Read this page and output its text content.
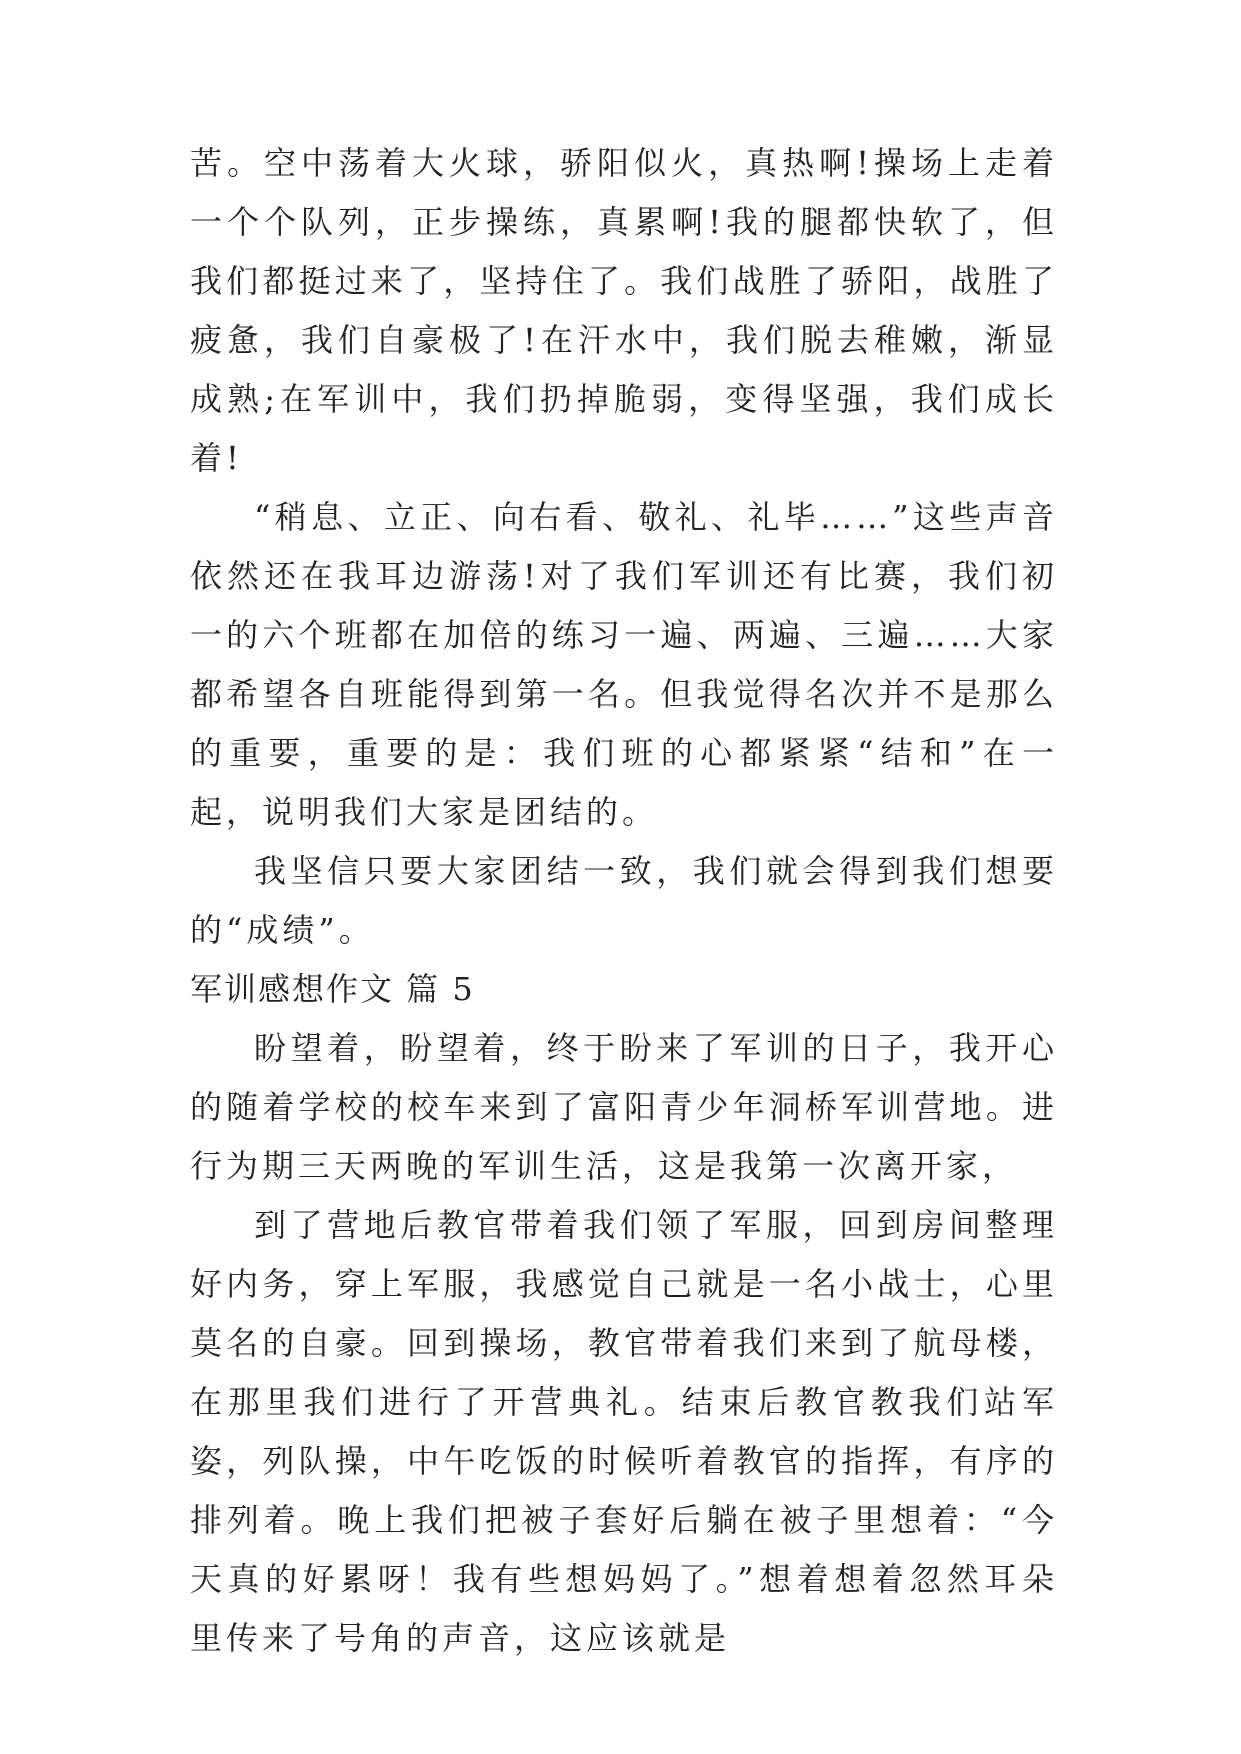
苦。空中荡着大火球，骄阳似火，真热啊!操场上走着一个个队列，正步操练，真累啊!我的腿都快软了，但我们都挺过来了，坚持住了。我们战胜了骄阳，战胜了疲惫，我们自豪极了!在汗水中，我们脱去稚嫩，渐显成熟;在军训中，我们扔掉脆弱，变得坚强，我们成长着!

“稍息、立正、向右看、敬礼、礼毕……”这些声音依然还在我耳边游荡!对了我们军训还有比赛，我们初一的六个班都在加倍的练习一遍、两遍、三遍……大家都希望各自班能得到第一名。但我觉得名次并不是那么的重要，重要的是：我们班的心都紧紧“结和”在一起，说明我们大家是团结的。

我坚信只要大家团结一致，我们就会得到我们想要的“成绩”。

军训感想作文 篇 5

盼望着，盼望着，终于盼来了军训的日子，我开心的随着学校的校车来到了富阳青少年洞桥军训营地。进行为期三天两晚的军训生活，这是我第一次离开家，

到了营地后教官带着我们领了军服，回到房间整理好内务，穿上军服，我感觉自己就是一名小战士，心里莫名的自豪。回到操场，教官带着我们来到了航母楼，在那里我们进行了开营典礼。结束后教官教我们站军姿，列队操，中午吃饭的时候听着教官的指挥，有序的排列着。晚上我们把被子套好后躺在被子里想着：“今天真的好累呀！我有些想妈妈了。”想着想着忽然耳朵里传来了号角的声音，这应该就是
